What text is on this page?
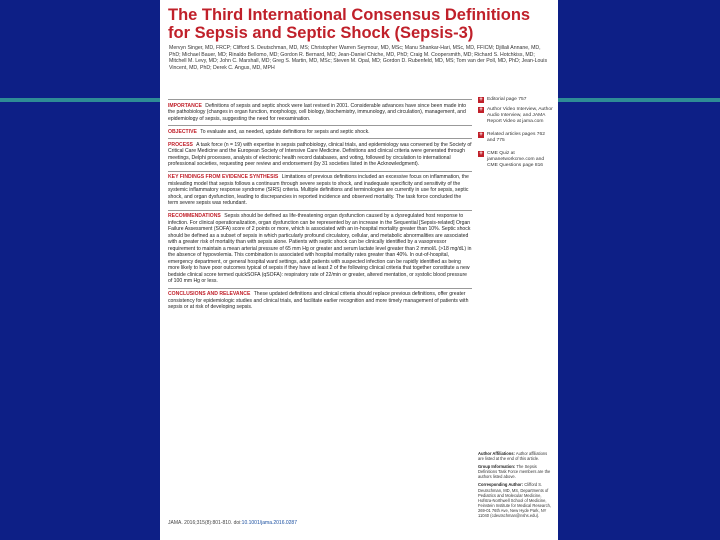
The Third International Consensus Definitions
for Sepsis and Septic Shock (Sepsis-3)

Mervyn Singer, MD, FRCP; Clifford S. Deutschman, MD, MS; Christopher Warren Seymour, MD, MSc; Manu Shankar-Hari, MSc, MD, FFICM; Djillali Annane, MD, PhD; Michael Bauer, MD; Rinaldo Bellomo, MD; Gordon R. Bernard, MD; Jean-Daniel Chiche, MD, PhD; Craig M. Coopersmith, MD; Richard S. Hotchkiss, MD; Mitchell M. Levy, MD; John C. Marshall, MD; Greg S. Martin, MD, MSc; Steven M. Opal, MD; Gordon D. Rubenfeld, MD, MS; Tom van der Poll, MD, PhD; Jean-Louis Vincent, MD, PhD; Derek C. Angus, MD, MPH

IMPORTANCE Definitions of sepsis and septic shock were last revised in 2001. Considerable advances have since been made into the pathobiology (changes in organ function, morphology, cell biology, biochemistry, immunology, and circulation), management, and epidemiology of sepsis, suggesting the need for reexamination.
OBJECTIVE To evaluate and, as needed, update definitions for sepsis and septic shock.
PROCESS A task force (n = 19) with expertise in sepsis pathobiology, clinical trials, and epidemiology was convened by the Society of Critical Care Medicine and the European Society of Intensive Care Medicine. Definitions and clinical criteria were generated through meetings, Delphi processes, analysis of electronic health record databases, and voting, followed by circulation to international professional societies, requesting peer review and endorsement (by 31 societies listed in the Acknowledgment).
KEY FINDINGS FROM EVIDENCE SYNTHESIS Limitations of previous definitions included an excessive focus on inflammation, the misleading model that sepsis follows a continuum through severe sepsis to shock, and inadequate specificity and sensitivity of the systemic inflammatory response syndrome (SIRS) criteria. Multiple definitions and terminologies are currently in use for sepsis, septic shock, and organ dysfunction, leading to discrepancies in reported incidence and observed mortality. The task force concluded the term severe sepsis was redundant.
RECOMMENDATIONS Sepsis should be defined as life-threatening organ dysfunction caused by a dysregulated host response to infection. For clinical operationalization, organ dysfunction can be represented by an increase in the Sequential [Sepsis-related] Organ Failure Assessment (SOFA) score of 2 points or more, which is associated with an in-hospital mortality greater than 10%. Septic shock should be defined as a subset of sepsis in which particularly profound circulatory, cellular, and metabolic abnormalities are associated with a greater risk of mortality than with sepsis alone. Patients with septic shock can be clinically identified by a vasopressor requirement to maintain a mean arterial pressure of 65 mm Hg or greater and serum lactate level greater than 2 mmol/L (>18 mg/dL) in the absence of hypovolemia. This combination is associated with hospital mortality rates greater than 40%. In out-of-hospital, emergency department, or general hospital ward settings, adult patients with suspected infection can be rapidly identified as being more likely to have poor outcomes typical of sepsis if they have at least 2 of the following clinical criteria that together constitute a new bedside clinical score termed quickSOFA (qSOFA): respiratory rate of 22/min or greater, altered mentation, or systolic blood pressure of 100 mm Hg or less.
CONCLUSIONS AND RELEVANCE These updated definitions and clinical criteria should replace previous definitions, offer greater consistency for epidemiologic studies and clinical trials, and facilitate earlier recognition and more timely management of patients with sepsis or at risk of developing sepsis.
+ Editorial page 757
+ Author Video Interview, Author Audio Interview, and JAMA Report Video at jama.com
+ Related articles pages 762 and 775
+ CME Quiz at jamanetworkcme.com and CME Questions page 816

Author Affiliations: Author affiliations are listed at the end of this article.

Group Information: The Sepsis Definitions Task Force members are the authors listed above.

Corresponding Author: Clifford S. Deutschman, MD, MS, Departments of Pediatrics and Molecular Medicine, Hofstra-Northwell School of Medicine, Feinstein Institute for Medical Research, 269-01 76th Ave, New Hyde Park, NY 11040 (cdeutschman@nshs.edu).

JAMA. 2016;315(8):801-810. doi:10.1001/jama.2016.0287
